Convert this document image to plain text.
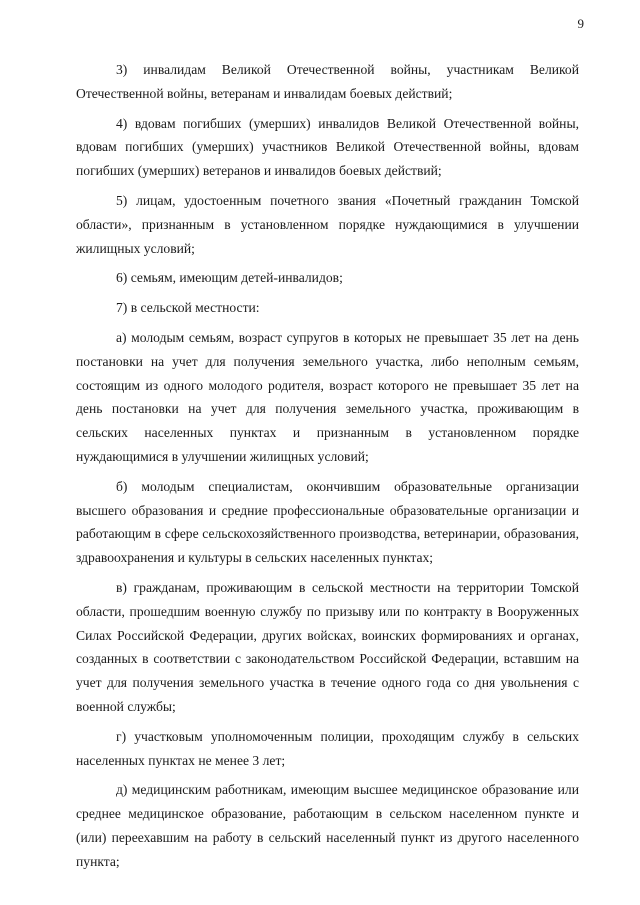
9

3) инвалидам Великой Отечественной войны, участникам Великой Отечественной войны, ветеранам и инвалидам боевых действий;

4) вдовам погибших (умерших) инвалидов Великой Отечественной войны, вдовам погибших (умерших) участников Великой Отечественной войны, вдовам погибших (умерших) ветеранов и инвалидов боевых действий;

5) лицам, удостоенным почетного звания «Почетный гражданин Томской области», признанным в установленном порядке нуждающимися в улучшении жилищных условий;

6) семьям, имеющим детей-инвалидов;

7) в сельской местности:

а) молодым семьям, возраст супругов в которых не превышает 35 лет на день постановки на учет для получения земельного участка, либо неполным семьям, состоящим из одного молодого родителя, возраст которого не превышает 35 лет на день постановки на учет для получения земельного участка, проживающим в сельских населенных пунктах и признанным в установленном порядке нуждающимися в улучшении жилищных условий;

б) молодым специалистам, окончившим образовательные организации высшего образования и средние профессиональные образовательные организации и работающим в сфере сельскохозяйственного производства, ветеринарии, образования, здравоохранения и культуры в сельских населенных пунктах;

в) гражданам, проживающим в сельской местности на территории Томской области, прошедшим военную службу по призыву или по контракту в Вооруженных Силах Российской Федерации, других войсках, воинских формированиях и органах, созданных в соответствии с законодательством Российской Федерации, вставшим на учет для получения земельного участка в течение одного года со дня увольнения с военной службы;

г) участковым уполномоченным полиции, проходящим службу в сельских населенных пунктах не менее 3 лет;

д) медицинским работникам, имеющим высшее медицинское образование или среднее медицинское образование, работающим в сельском населенном пункте и (или) переехавшим на работу в сельский населенный пункт из другого населенного пункта;
